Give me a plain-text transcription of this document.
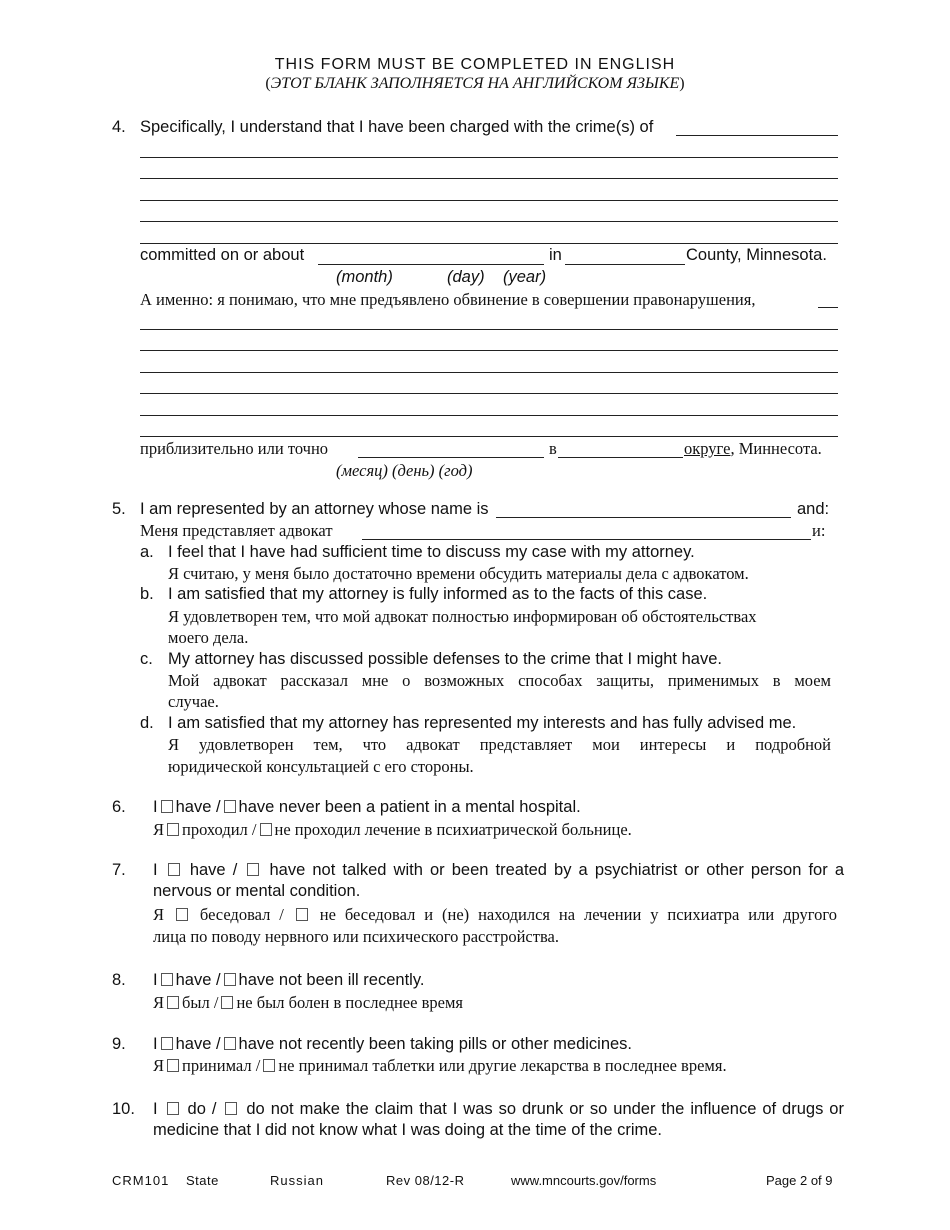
THIS FORM MUST BE COMPLETED IN ENGLISH
(ЭТОТ БЛАНК ЗАПОЛНЯЕТСЯ НА АНГЛИЙСКОМ ЯЗЫКЕ)
4. Specifically, I understand that I have been charged with the crime(s) of
committed on or about	in	County, Minnesota.
(month)	(day) (year)
А именно: я понимаю, что мне предъявлено обвинение в совершении правонарушения,
приблизительно или точно	в	округе, Миннесота.
(месяц) (день) (год)
5. I am represented by an attorney whose name is	and:
Меня представляет адвокат	и:
a. I feel that I have had sufficient time to discuss my case with my attorney.
Я считаю, у меня было достаточно времени обсудить материалы дела с адвокатом.
b. I am satisfied that my attorney is fully informed as to the facts of this case.
Я удовлетворен тем, что мой адвокат полностью информирован об обстоятельствах
моего дела.
c. My attorney has discussed possible defenses to the crime that I might have.
Мой адвокат рассказал мне о возможных способах защиты, применимых в моем
случае.
d. I am satisfied that my attorney has represented my interests and has fully advised me.
Я удовлетворен тем, что адвокат представляет мои интересы и подробной
юридической консультацией с его стороны.
6. I have / have never been a patient in a mental hospital.
Я проходил / не проходил лечение в психиатрической больнице.
7. I have / have not talked with or been treated by a psychiatrist or other person for a
nervous or mental condition.
Я беседовал / не беседовал и (не) находился на лечении у психиатра или другого
лица по поводу нервного или психического расстройства.
8. I have / have not been ill recently.
Я был / не был болен в последнее время
9. I have / have not recently been taking pills or other medicines.
Я принимал / не принимал таблетки или другие лекарства в последнее время.
10. I do / do not make the claim that I was so drunk or so under the influence of drugs or
medicine that I did not know what I was doing at the time of the crime.
CRM101 State	Russian	Rev 08/12-R	www.mncourts.gov/forms	Page 2 of 9
